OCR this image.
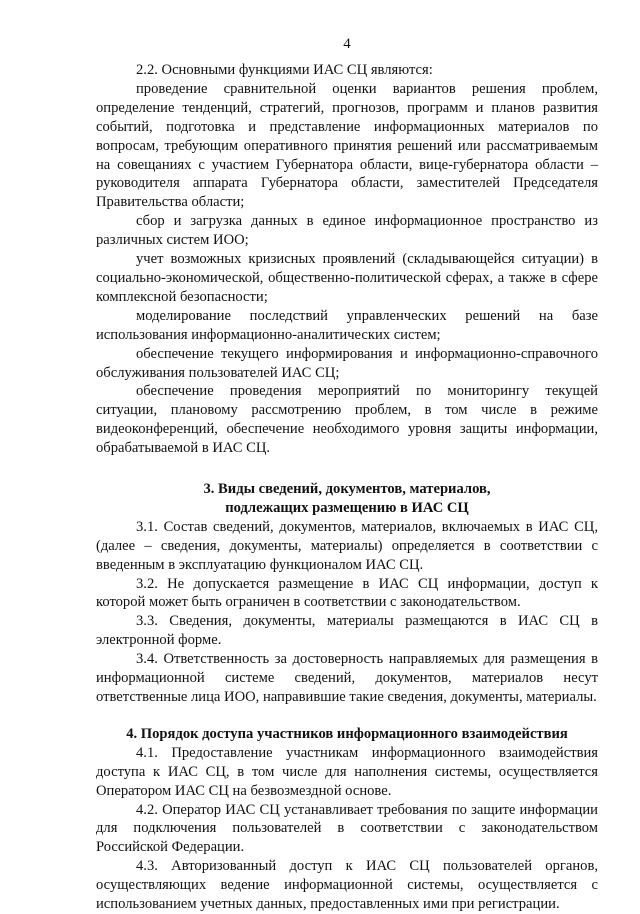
4

2.2. Основными функциями ИАС СЦ являются:

проведение сравнительной оценки вариантов решения проблем, определение тенденций, стратегий, прогнозов, программ и планов развития событий, подготовка и представление информационных материалов по вопросам, требующим оперативного принятия решений или рассматриваемым на совещаниях с участием Губернатора области, вице-губернатора области – руководителя аппарата Губернатора области, заместителей Председателя Правительства области;

сбор и загрузка данных в единое информационное пространство из различных систем ИОО;

учет возможных кризисных проявлений (складывающейся ситуации) в социально-экономической, общественно-политической сферах, а также в сфере комплексной безопасности;

моделирование последствий управленческих решений на базе использования информационно-аналитических систем;

обеспечение текущего информирования и информационно-справочного обслуживания пользователей ИАС СЦ;

обеспечение проведения мероприятий по мониторингу текущей ситуации, плановому рассмотрению проблем, в том числе в режиме видеоконференций, обеспечение необходимого уровня защиты информации, обрабатываемой в ИАС СЦ.

3. Виды сведений, документов, материалов,

подлежащих размещению в ИАС СЦ

3.1. Состав сведений, документов, материалов, включаемых в ИАС СЦ, (далее – сведения, документы, материалы) определяется в соответствии с введенным в эксплуатацию функционалом ИАС СЦ.

3.2. Не допускается размещение в ИАС СЦ информации, доступ к которой может быть ограничен в соответствии с законодательством.

3.3. Сведения, документы, материалы размещаются в ИАС СЦ в электронной форме.

3.4. Ответственность за достоверность направляемых для размещения в информационной системе сведений, документов, материалов несут ответственные лица ИОО, направившие такие сведения, документы, материалы.

4. Порядок доступа участников информационного взаимодействия

4.1. Предоставление участникам информационного взаимодействия доступа к ИАС СЦ, в том числе для наполнения системы, осуществляется Оператором ИАС СЦ на безвозмездной основе.

4.2. Оператор ИАС СЦ устанавливает требования по защите информации для подключения пользователей в соответствии с законодательством Российской Федерации.

4.3. Авторизованный доступ к ИАС СЦ пользователей органов, осуществляющих ведение информационной системы, осуществляется с использованием учетных данных, предоставленных ими при регистрации.
